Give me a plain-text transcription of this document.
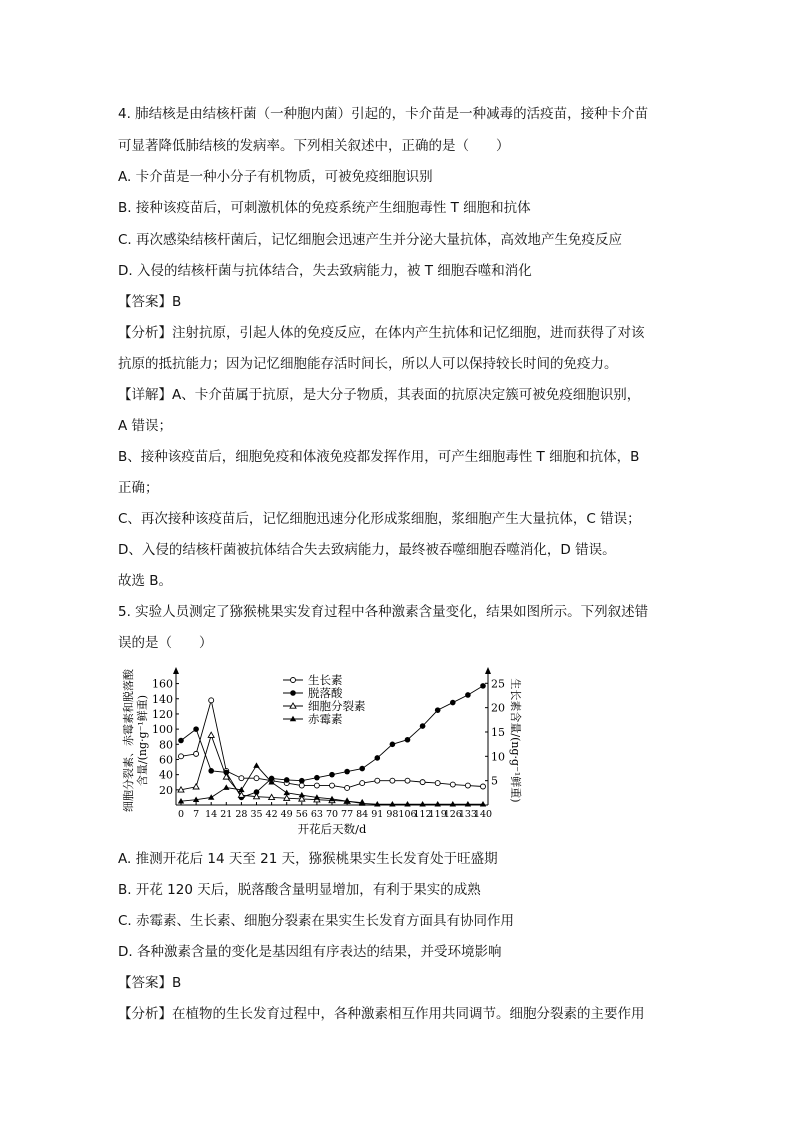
4. 肺结核是由结核杆菌（一种胞内菌）引起的，卡介苗是一种减毒的活疫苗，接种卡介苗
可显著降低肺结核的发病率。下列相关叙述中，正确的是（　　）
A. 卡介苗是一种小分子有机物质，可被免疫细胞识别
B. 接种该疫苗后，可刺激机体的免疫系统产生细胞毒性 T 细胞和抗体
C. 再次感染结核杆菌后，记忆细胞会迅速产生并分泌大量抗体，高效地产生免疫反应
D. 入侵的结核杆菌与抗体结合，失去致病能力，被 T 细胞吞噬和消化
【答案】B
【分析】注射抗原，引起人体的免疫反应，在体内产生抗体和记忆细胞，进而获得了对该
抗原的抵抗能力；因为记忆细胞能存活时间长，所以人可以保持较长时间的免疫力。
【详解】A、卡介苗属于抗原，是大分子物质，其表面的抗原决定簇可被免疫细胞识别，
A 错误；
B、接种该疫苗后，细胞免疫和体液免疫都发挥作用，可产生细胞毒性 T 细胞和抗体，B
正确；
C、再次接种该疫苗后，记忆细胞迅速分化形成浆细胞，浆细胞产生大量抗体，C 错误；
D、入侵的结核杆菌被抗体结合失去致病能力，最终被吞噬细胞吞噬消化，D 错误。
故选 B。
5. 实验人员测定了猕猴桃果实发育过程中各种激素含量变化，结果如图所示。下列叙述错
20
40
60
80
100
120
140
160
5
10
15
20
25
0 7 14 21 28 35 42 49 56 63 70 77 84 91 98 106
112
119
126
133
140
开花后天数/d
细胞分裂素、赤霉素和脱落酸 含量/(ng·g⁻¹鲜重)	生长素含量/(ng·g⁻¹鲜重)
生长素
脱落酸
细胞分裂素
赤霉素
A. 推测开花后 14 天至 21 天，猕猴桃果实生长发育处于旺盛期
B. 开花 120 天后，脱落酸含量明显增加，有利于果实的成熟
C. 赤霉素、生长素、细胞分裂素在果实生长发育方面具有协同作用
D. 各种激素含量的变化是基因组有序表达的结果，并受环境影响
【答案】B
【分析】在植物的生长发育过程中，各种激素相互作用共同调节。细胞分裂素的主要作用
误的是（　　）
